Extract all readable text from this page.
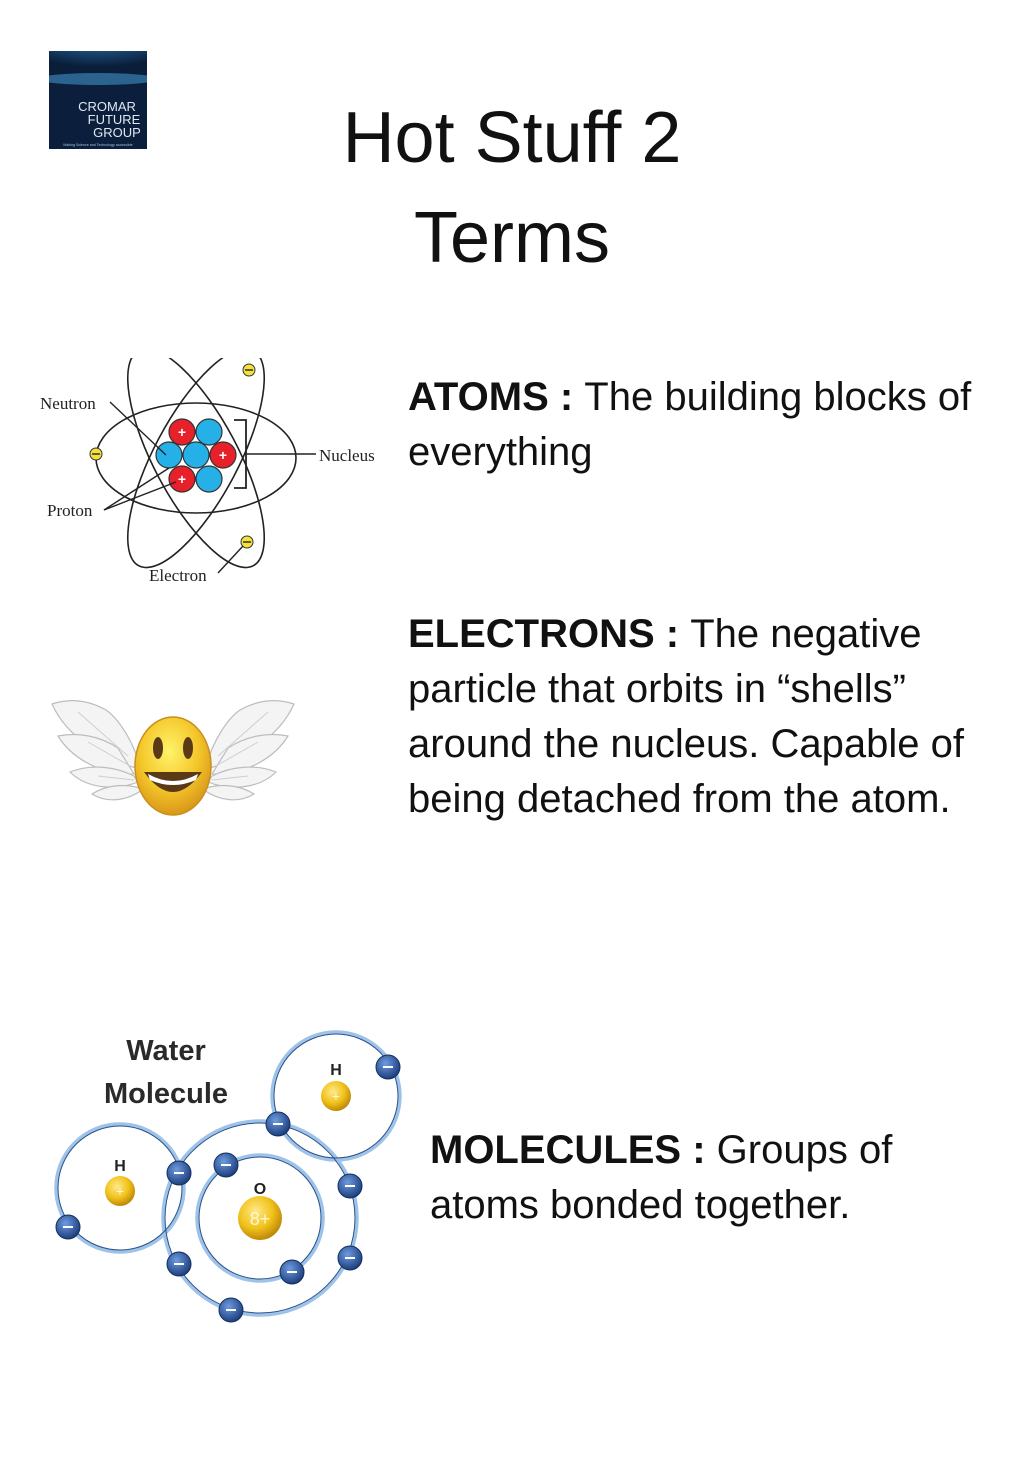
CROMAR
FUTURE
GROUP
Making Science and Technology accessible	Hot Stuff 2
Terms
+
+
+
Neutron
Nucleus
Proton
Electron
ATOMS : The building blocks of everything
ELECTRONS : The negative particle that orbits in “shells” around the nucleus. Capable of being detached from the atom.
Water
Molecule
H
H
O
8+
+
+
MOLECULES : Groups of atoms bonded together.
